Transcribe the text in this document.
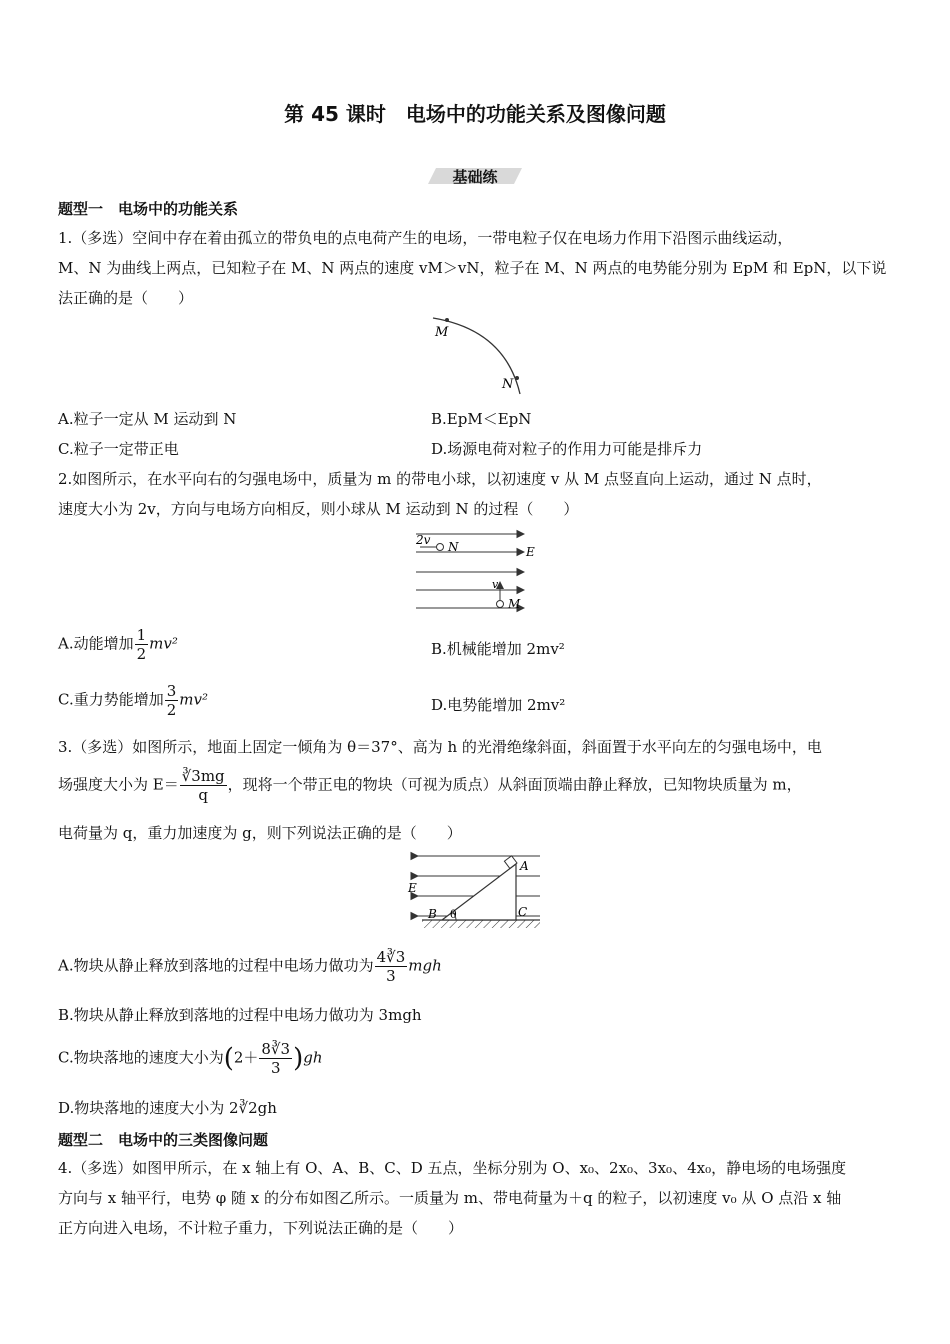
第 45 课时　电场中的功能关系及图像问题
基础练
题型一　电场中的功能关系
1.（多选）空间中存在着由孤立的带负电的点电荷产生的电场，一带电粒子仅在电场力作用下沿图示曲线运动，
M、N 为曲线上两点，已知粒子在 M、N 两点的速度 vM＞vN，粒子在 M、N 两点的电势能分别为 EpM 和 EpN，以下说
法正确的是（　　）
M
N
A.粒子一定从 M 运动到 N	B.EpM＜EpN
C.粒子一定带正电	D.场源电荷对粒子的作用力可能是排斥力
2.如图所示，在水平向右的匀强电场中，质量为 m 的带电小球，以初速度 v 从 M 点竖直向上运动，通过 N 点时，
速度大小为 2v，方向与电场方向相反，则小球从 M 运动到 N 的过程（　　）
2v N	E
v
M
A.动能增加 $\frac{1}{2} mv^2$	B.机械能增加 2mv²
C.重力势能增加 $\frac{3}{2} mv^2$	D.电势能增加 2mv²
3.（多选）如图所示，地面上固定一倾角为 θ＝37°、高为 h 的光滑绝缘斜面，斜面置于水平向左的匀强电场中，电
场强度大小为 $E= \frac{∛3mg}{q}$ ，现将一个带正电的物块（可视为质点）从斜面顶端由静止释放，已知物块质量为 m，
电荷量为 q，重力加速度为 g，则下列说法正确的是（　　）
A
E
B θ	C
A.物块从静止释放到落地的过程中电场力做功为 $\frac{4∛3}{3}$ mgh
B.物块从静止释放到落地的过程中电场力做功为 3mgh
C.物块落地的速度大小为$(2+ \frac{8∛3}{3} )gh$
D.物块落地的速度大小为 2∛2gh
题型二　电场中的三类图像问题
4.（多选）如图甲所示，在 x 轴上有 O、A、B、C、D 五点，坐标分别为 O、x₀、2x₀、3x₀、4x₀，静电场的电场强度
方向与 x 轴平行，电势 φ 随 x 的分布如图乙所示。一质量为 m、带电荷量为＋q 的粒子，以初速度 v₀ 从 O 点沿 x 轴
正方向进入电场，不计粒子重力，下列说法正确的是（　　）
